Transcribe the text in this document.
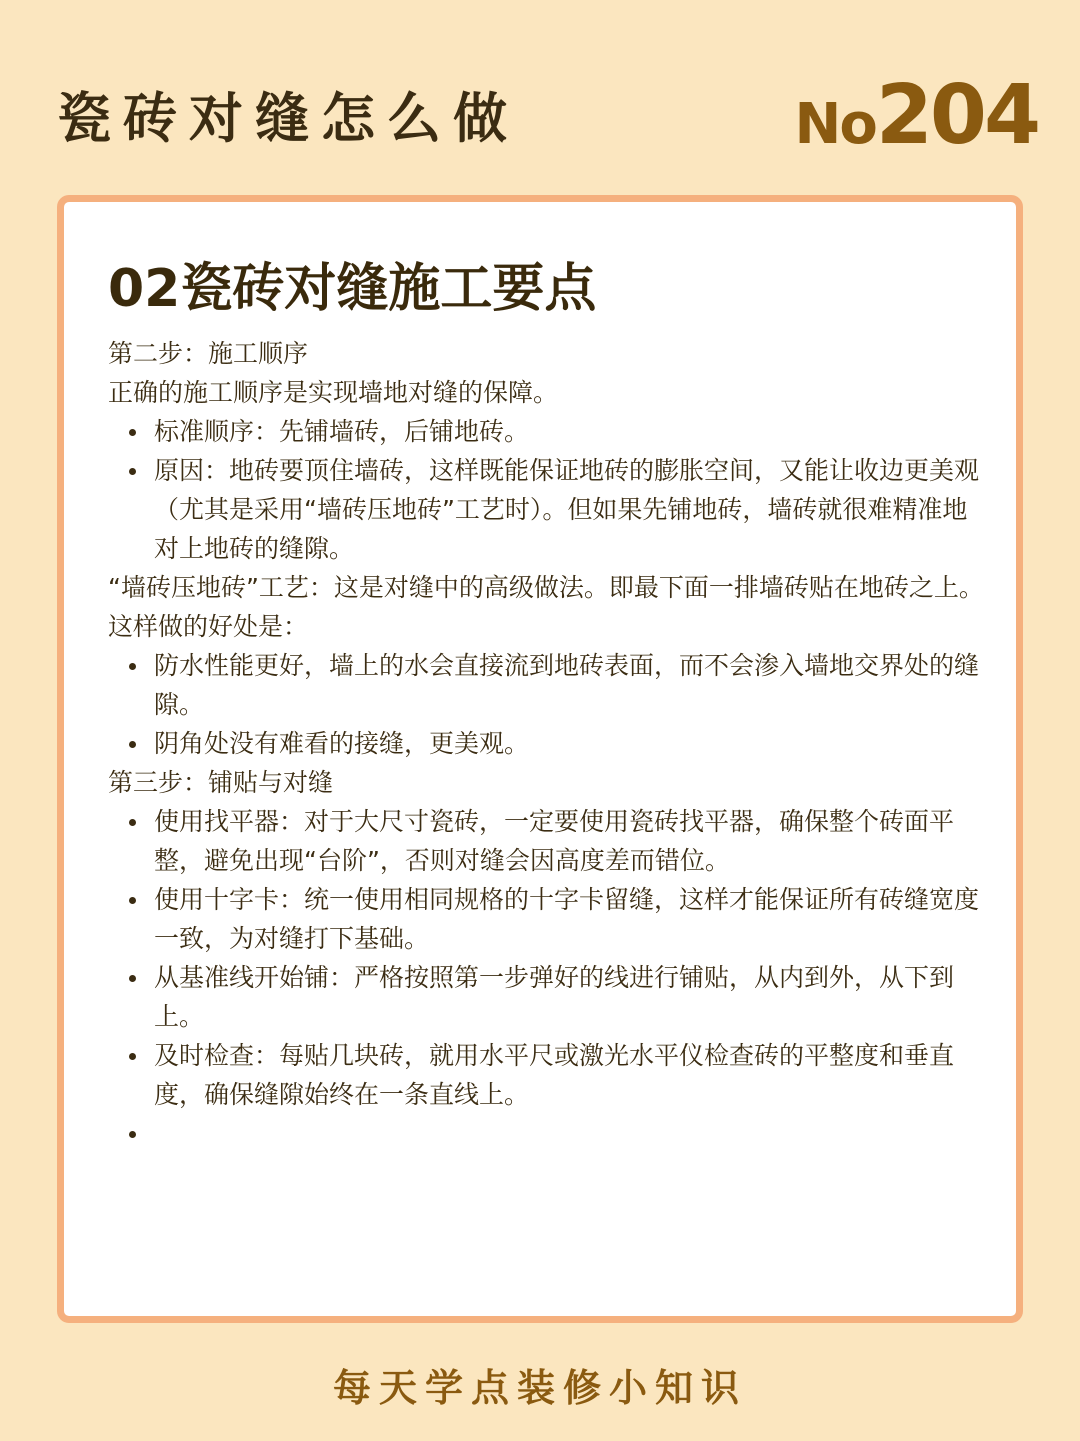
瓷砖对缝怎么做	No204
02瓷砖对缝施工要点
第二步：施工顺序
正确的施工顺序是实现墙地对缝的保障。
标准顺序：先铺墙砖，后铺地砖。
原因：地砖要顶住墙砖，这样既能保证地砖的膨胀空间，又能让收边更美观（尤其是采用“墙砖压地砖”工艺时）。但如果先铺地砖，墙砖就很难精准地对上地砖的缝隙。
“墙砖压地砖”工艺：这是对缝中的高级做法。即最下面一排墙砖贴在地砖之上。这样做的好处是：
防水性能更好，墙上的水会直接流到地砖表面，而不会渗入墙地交界处的缝隙。
阴角处没有难看的接缝，更美观。
第三步：铺贴与对缝
使用找平器：对于大尺寸瓷砖，一定要使用瓷砖找平器，确保整个砖面平整，避免出现“台阶”，否则对缝会因高度差而错位。
使用十字卡：统一使用相同规格的十字卡留缝，这样才能保证所有砖缝宽度一致，为对缝打下基础。
从基准线开始铺：严格按照第一步弹好的线进行铺贴，从内到外，从下到上。
及时检查：每贴几块砖，就用水平尺或激光水平仪检查砖的平整度和垂直度，确保缝隙始终在一条直线上。
每天学点装修小知识
